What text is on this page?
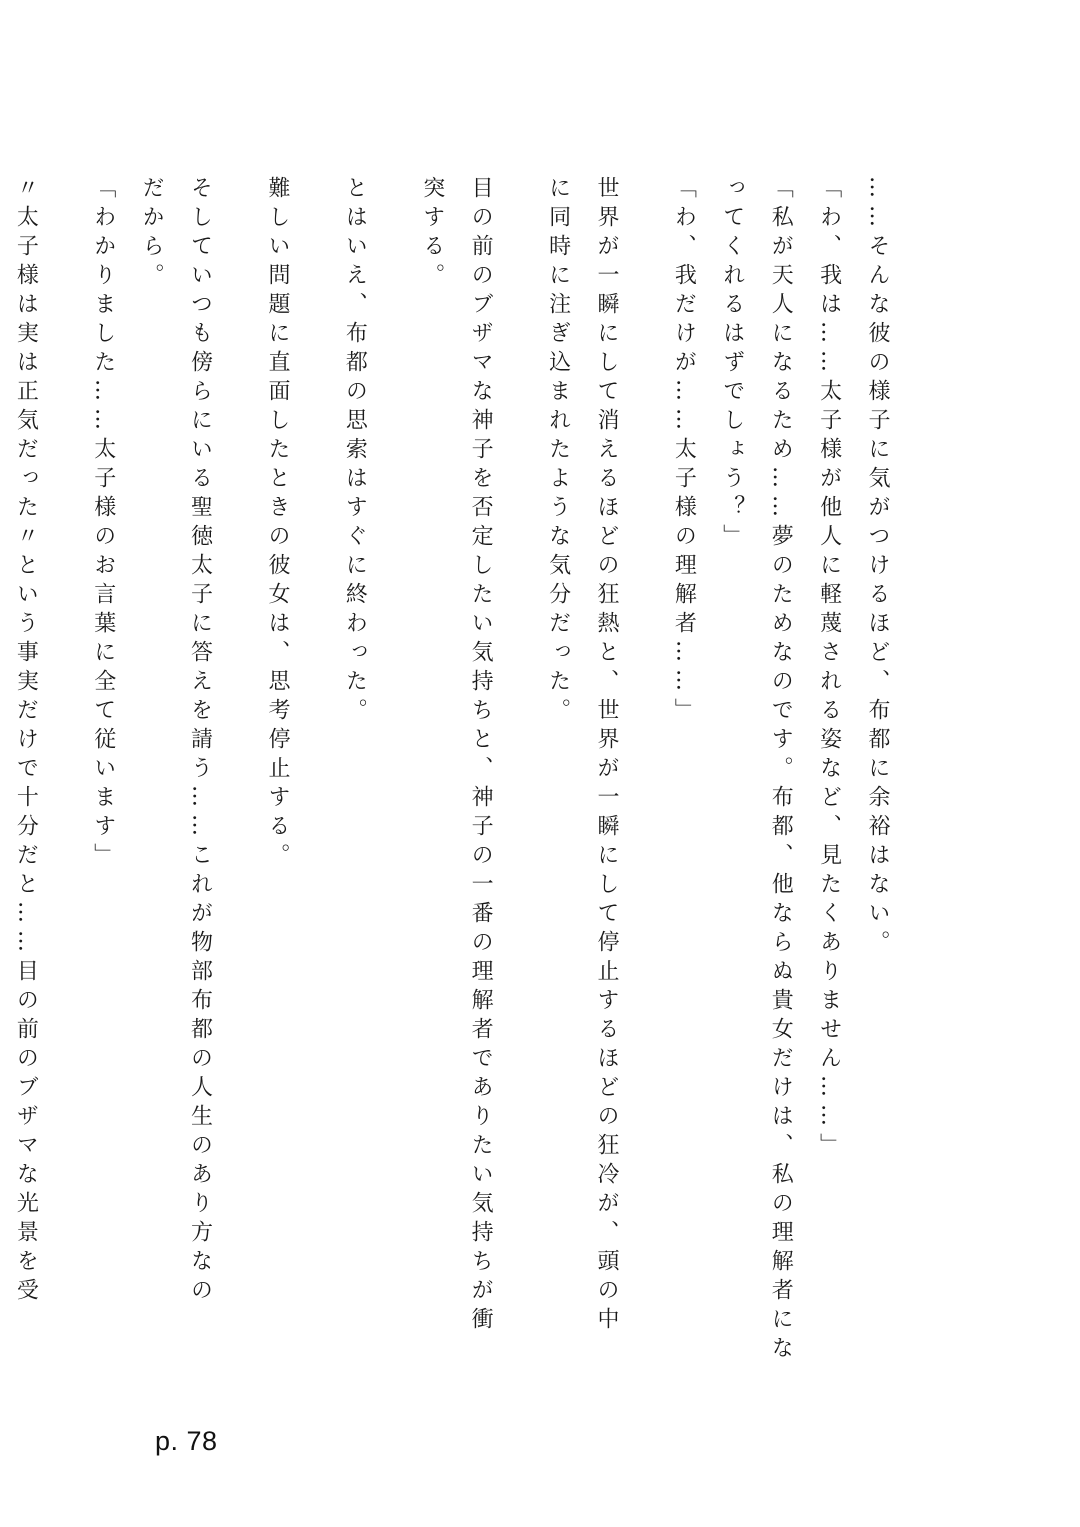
……そんな彼の様子に気がつけるほど、布都に余裕はない。
「わ、我は……太子様が他人に軽蔑される姿など、見たくありません……」
「私が天人になるため……夢のためなのです。布都、他ならぬ貴女だけは、私の理解者にな
ってくれるはずでしょう？」
「わ、我だけが……太子様の理解者……」
世界が一瞬にして消えるほどの狂熱と、世界が一瞬にして停止するほどの狂冷が、頭の中
に同時に注ぎ込まれたような気分だった。
目の前のブザマな神子を否定したい気持ちと、神子の一番の理解者でありたい気持ちが衝
突する。
とはいえ、布都の思索はすぐに終わった。
難しい問題に直面したときの彼女は、思考停止する。
そしていつも傍らにいる聖徳太子に答えを請う……これが物部布都の人生のあり方なの
だから。
「わかりました……太子様のお言葉に全て従います」
〃太子様は実は正気だった〃という事実だけで十分だと……目の前のブザマな光景を受
p. 78
